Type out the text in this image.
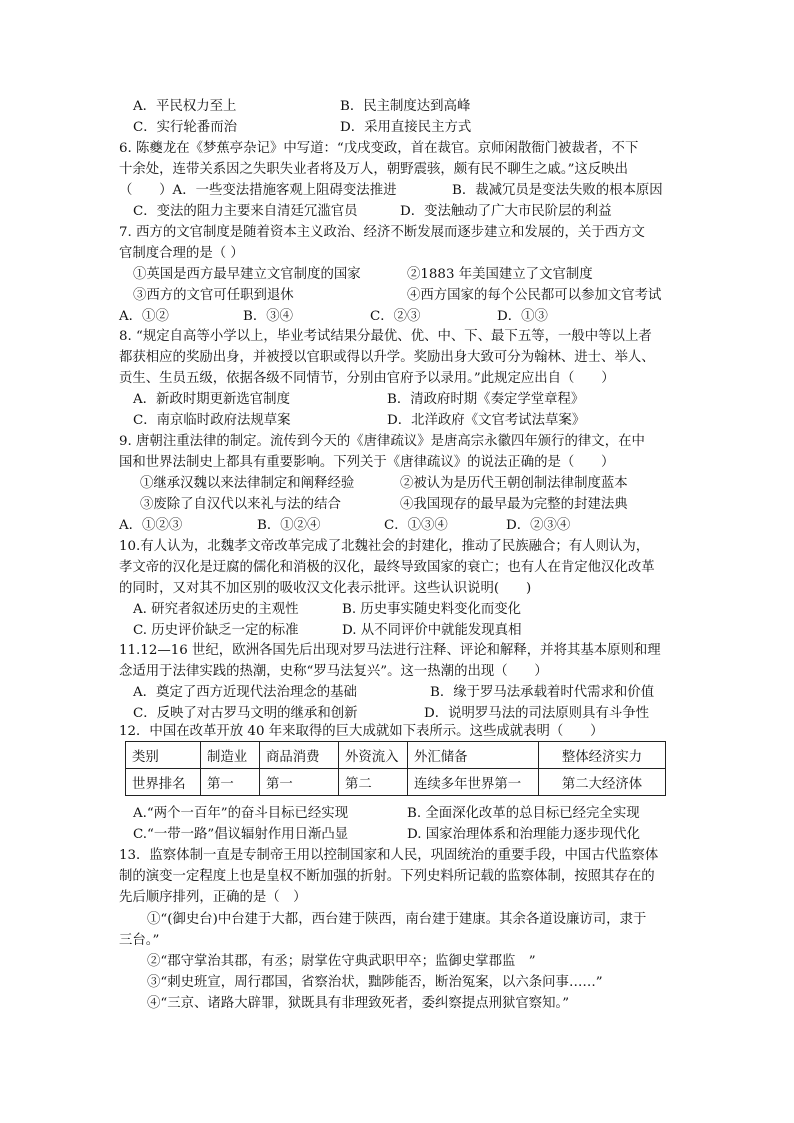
A．平民权力至上	B．民主制度达到高峰
C．实行轮番而治	D．采用直接民主方式
6. 陈夔龙在《梦蕉亭杂记》中写道：“戊戌变政，首在裁官。京师闲散衙门被裁者，不下
十余处，连带关系因之失职失业者将及万人，朝野震骇，颇有民不聊生之戚。”这反映出
（　　）A．一些变法措施客观上阻碍变法推进	B．裁减冗员是变法失败的根本原因
C．变法的阻力主要来自清廷冗滥官员	D．变法触动了广大市民阶层的利益
7. 西方的文官制度是随着资本主义政治、经济不断发展而逐步建立和发展的，关于西方文
官制度合理的是（ ）
①英国是西方最早建立文官制度的国家	②1883 年美国建立了文官制度
③西方的文官可任职到退休	④西方国家的每个公民都可以参加文官考试
A．①②	B．③④	C．②③	D．①③
8. “规定自高等小学以上，毕业考试结果分最优、优、中、下、最下五等，一般中等以上者
都获相应的奖励出身，并被授以官职或得以升学。奖励出身大致可分为翰林、进士、举人、
贡生、生员五级，依据各级不同情节，分别由官府予以录用。”此规定应出自（　　）
A．新政时期更新选官制度	B．清政府时期《奏定学堂章程》
C．南京临时政府法规草案	D．北洋政府《文官考试法草案》
9. 唐朝注重法律的制定。流传到今天的《唐律疏议》是唐高宗永徽四年颁行的律文，在中
国和世界法制史上都具有重要影响。下列关于《唐律疏议》的说法正确的是（　　）
①继承汉魏以来法律制定和阐释经验	②被认为是历代王朝创制法律制度蓝本
③废除了自汉代以来礼与法的结合	④我国现存的最早最为完整的封建法典
A．①②③	B．①②④	C．①③④	D．②③④
10.有人认为，北魏孝文帝改革完成了北魏社会的封建化，推动了民族融合；有人则认为，
孝文帝的汉化是迂腐的儒化和消极的汉化，最终导致国家的衰亡；也有人在肯定他汉化改革
的同时，又对其不加区别的吸收汉文化表示批评。这些认识说明(　　)
A. 研究者叙述历史的主观性	B. 历史事实随史料变化而变化
C. 历史评价缺乏一定的标准	D. 从不同评价中就能发现真相
11.12—16 世纪，欧洲各国先后出现对罗马法进行注释、评论和解释，并将其基本原则和理
念适用于法律实践的热潮，史称“罗马法复兴”。这一热潮的出现（　　）
A．奠定了西方近现代法治理念的基础	B．缘于罗马法承载着时代需求和价值
C．反映了对古罗马文明的继承和创新	D．说明罗马法的司法原则具有斗争性
12．中国在改革开放 40 年来取得的巨大成就如下表所示。这些成就表明（　　）
类别	制造业	商品消费	外资流入	外汇储备	整体经济实力
世界排名	第一	第一	第二	连续多年世界第一	第二大经济体
A.“两个一百年”的奋斗目标已经实现	B. 全面深化改革的总目标已经完全实现
C.“一带一路”倡议辐射作用日渐凸显	D. 国家治理体系和治理能力逐步现代化
13．监察体制一直是专制帝王用以控制国家和人民，巩固统治的重要手段，中国古代监察体
制的演变一定程度上也是皇权不断加强的折射。下列史料所记载的监察体制，按照其存在的
先后顺序排列，正确的是（　）
①“(御史台)中台建于大都，西台建于陕西，南台建于建康。其余各道设廉访司，隶于
三台。”
②“郡守掌治其郡，有丞；尉掌佐守典武职甲卒；监御史掌郡监　”
③“刺史班宣，周行郡国，省察治状，黜陟能否，断治冤案，以六条问事……”
④“三京、诸路大辟罪，狱既具有非理致死者，委纠察提点刑狱官察知。”
